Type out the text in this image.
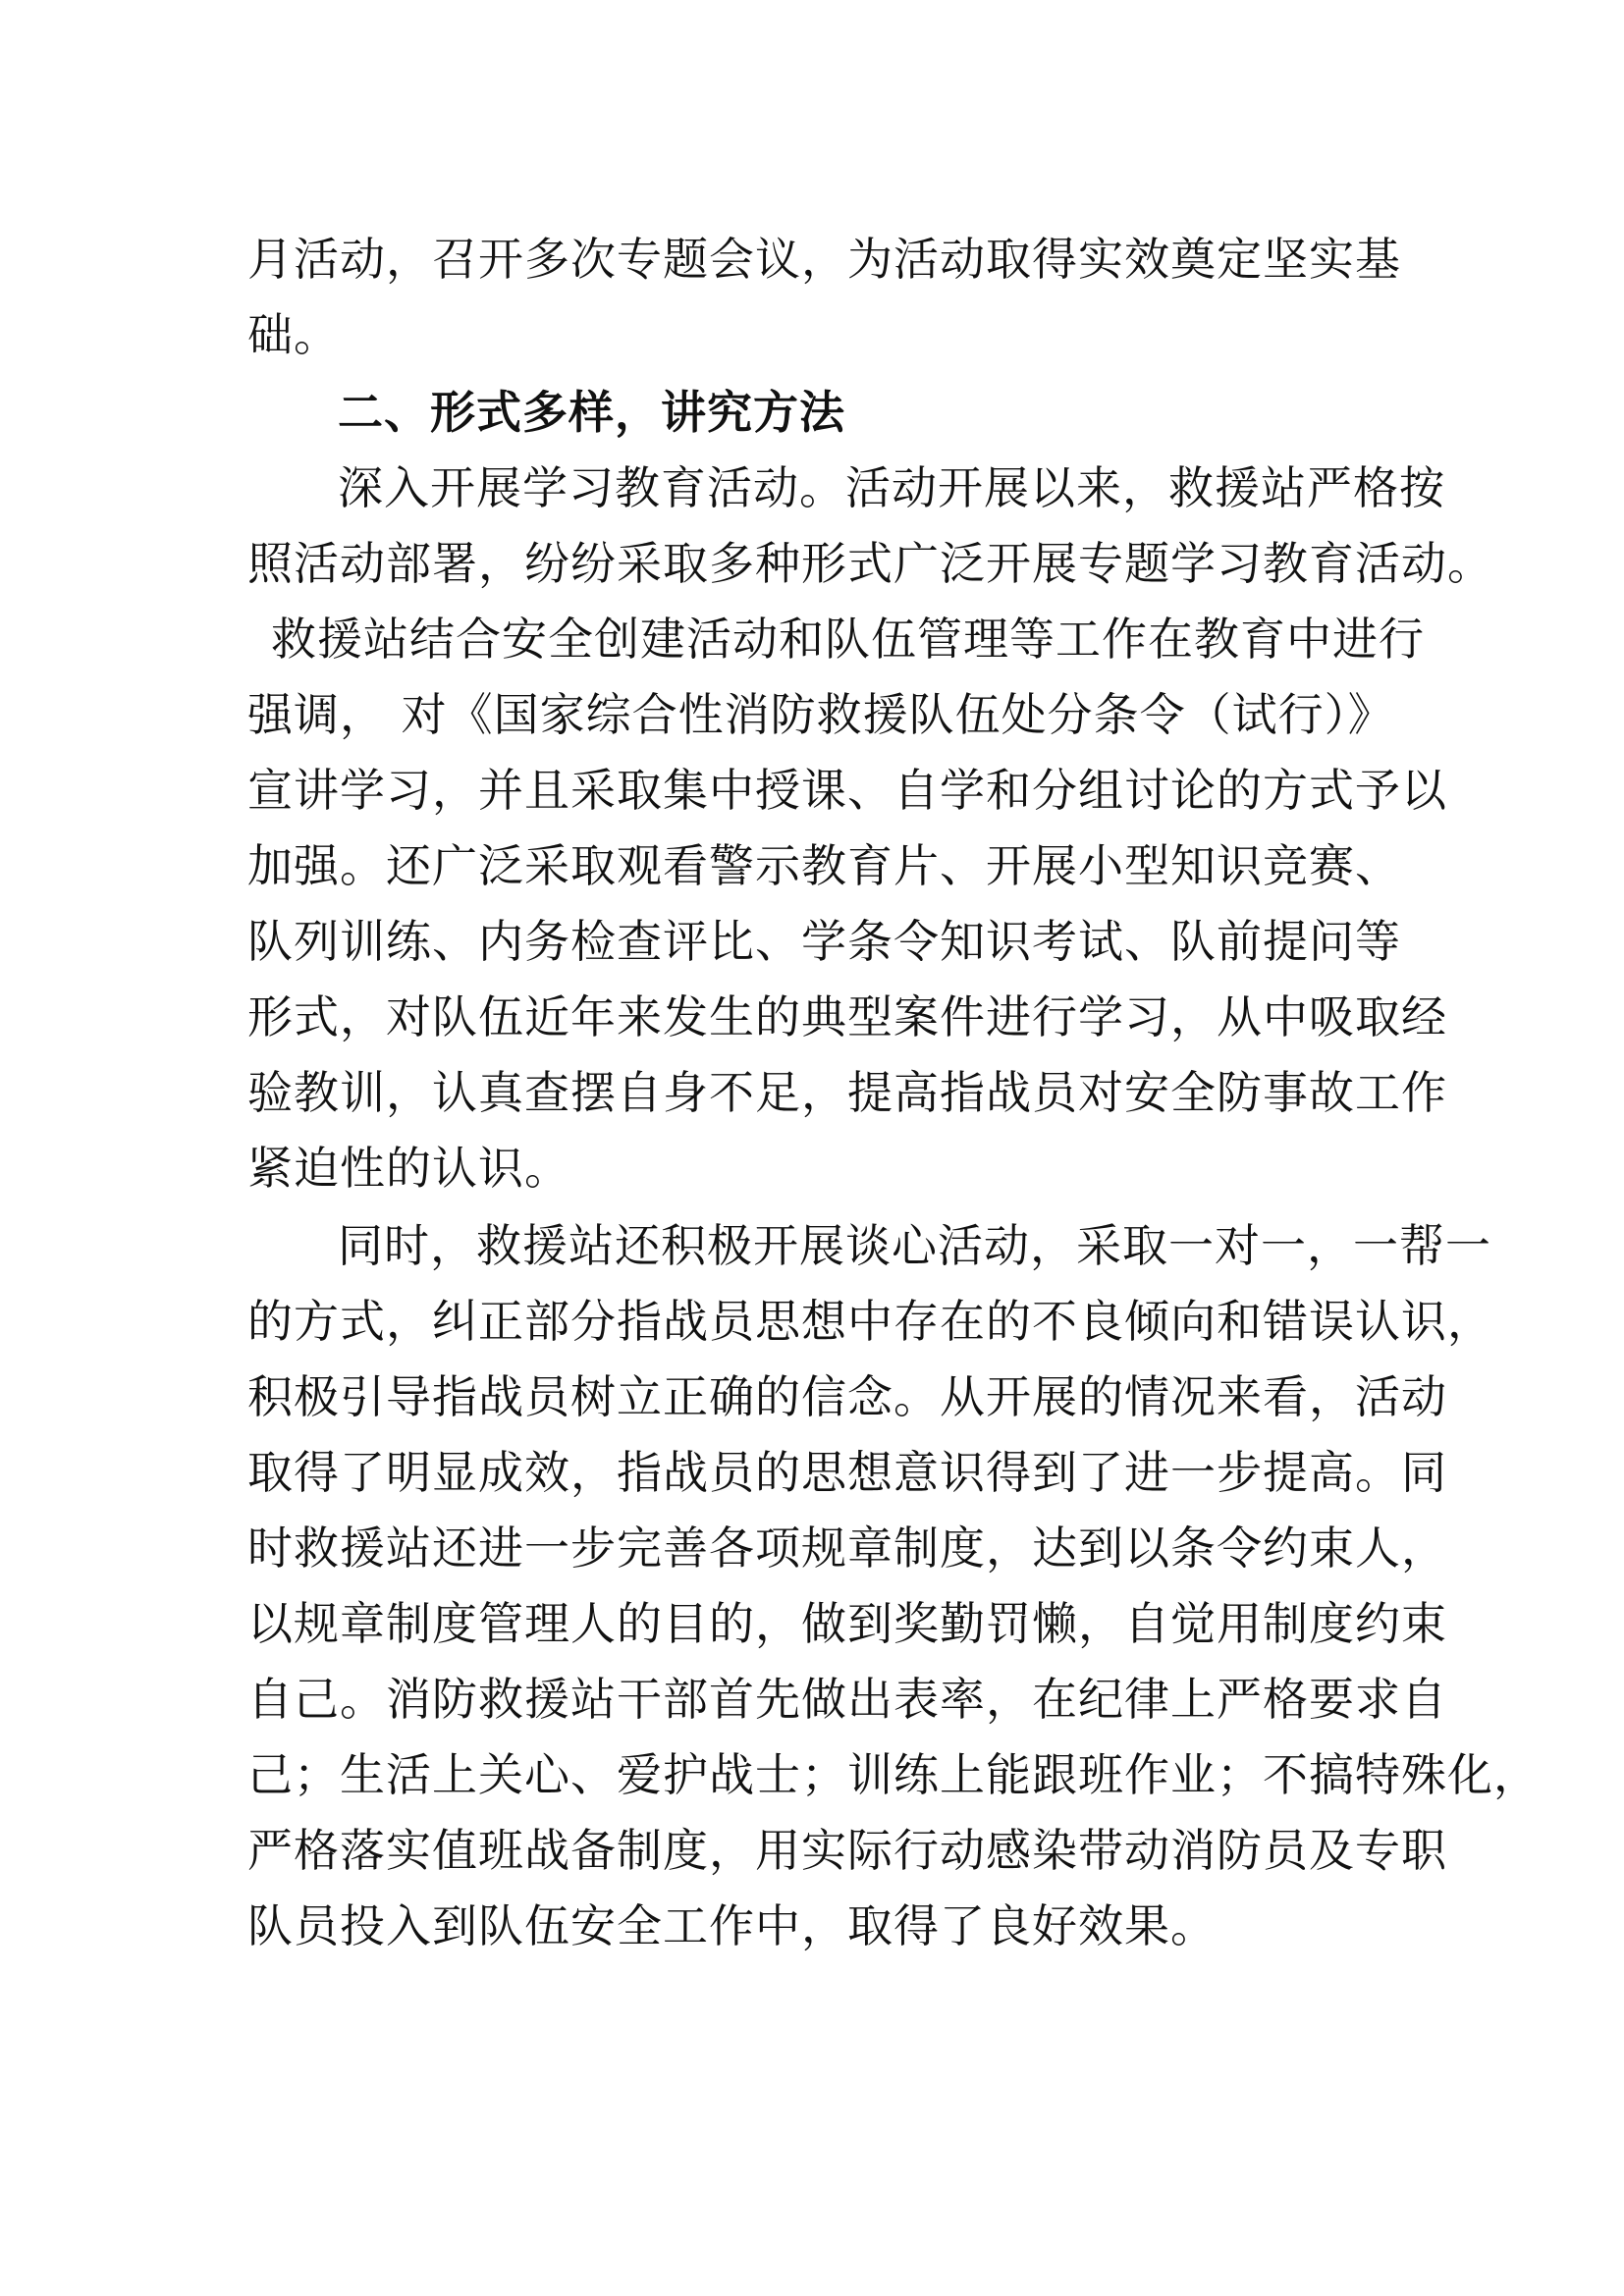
月活动，召开多次专题会议，为活动取得实效奠定坚实基
础。
二、形式多样，讲究方法
深入开展学习教育活动。活动开展以来，救援站严格按
照活动部署，纷纷采取多种形式广泛开展专题学习教育活动。
救援站结合安全创建活动和队伍管理等工作在教育中进行
强调， 对《国家综合性消防救援队伍处分条令（试行）》
宣讲学习，并且采取集中授课、自学和分组讨论的方式予以
加强。还广泛采取观看警示教育片、开展小型知识竞赛、
队列训练、内务检查评比、学条令知识考试、队前提问等
形式，对队伍近年来发生的典型案件进行学习，从中吸取经
验教训，认真查摆自身不足，提高指战员对安全防事故工作
紧迫性的认识。
同时，救援站还积极开展谈心活动，采取一对一，一帮一
的方式，纠正部分指战员思想中存在的不良倾向和错误认识，
积极引导指战员树立正确的信念。从开展的情况来看，活动
取得了明显成效，指战员的思想意识得到了进一步提高。同
时救援站还进一步完善各项规章制度，达到以条令约束人，
以规章制度管理人的目的，做到奖勤罚懒，自觉用制度约束
自己。消防救援站干部首先做出表率，在纪律上严格要求自
己；生活上关心、爱护战士；训练上能跟班作业；不搞特殊化，
严格落实值班战备制度，用实际行动感染带动消防员及专职
队员投入到队伍安全工作中，取得了良好效果。
